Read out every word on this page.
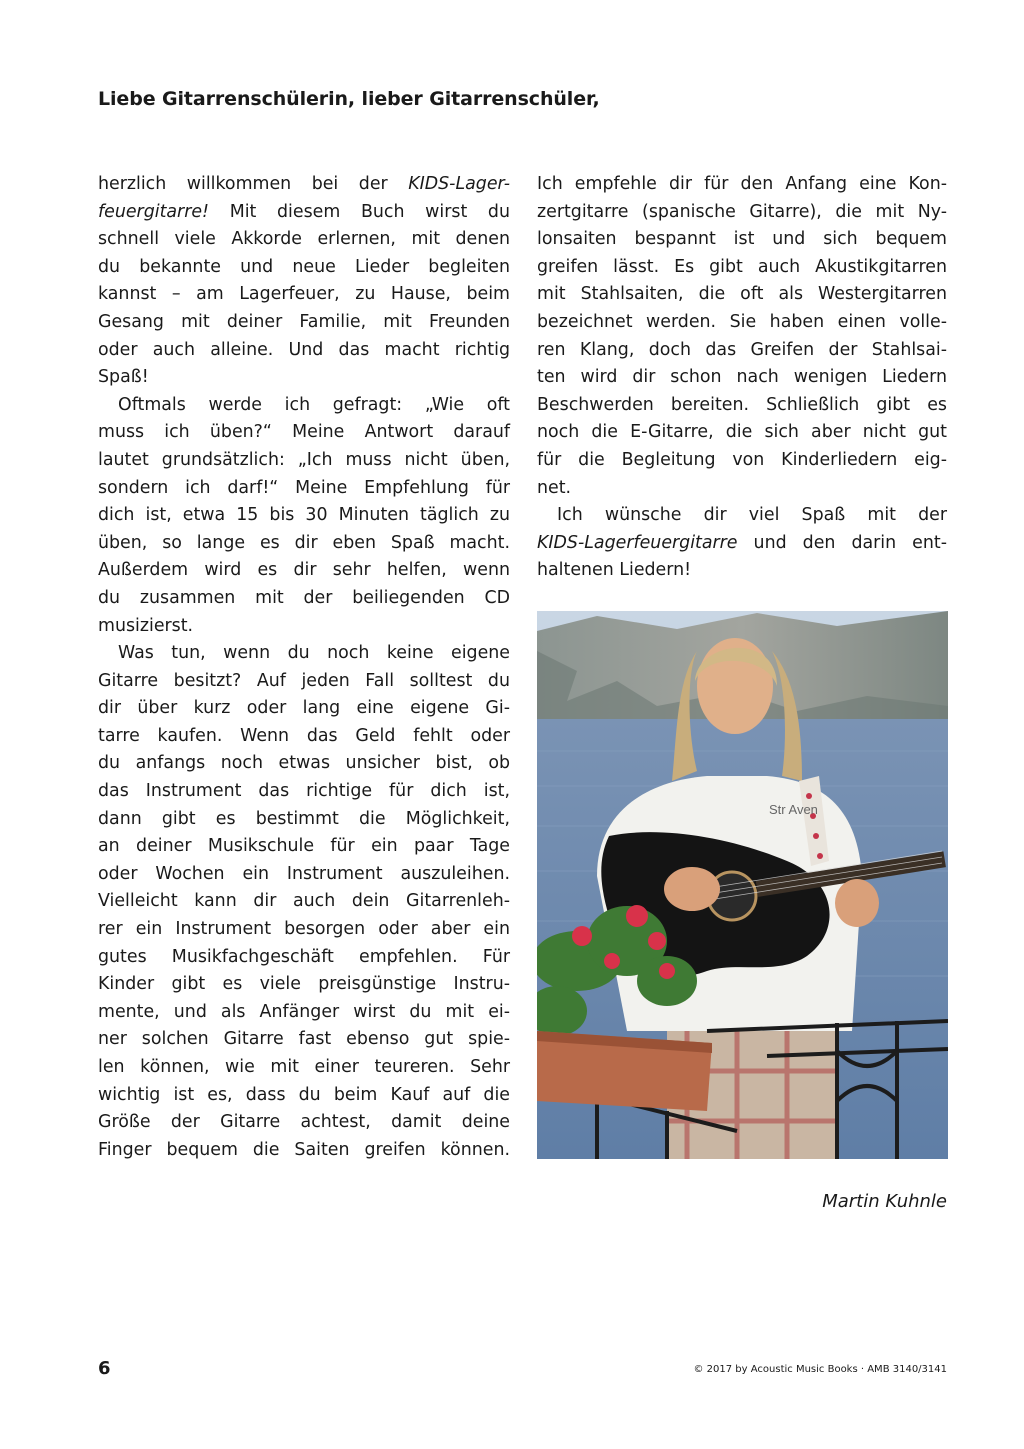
Liebe Gitarrenschülerin, lieber Gitarrenschüler,
herzlich willkommen bei der KIDS-Lager-
feuergitarre! Mit diesem Buch wirst du
schnell viele Akkorde erlernen, mit denen
du bekannte und neue Lieder begleiten
kannst – am Lagerfeuer, zu Hause, beim
Gesang mit deiner Familie, mit Freunden
oder auch alleine. Und das macht richtig
Spaß!
Oftmals werde ich gefragt: „Wie oft
muss ich üben?“ Meine Antwort darauf
lautet grundsätzlich: „Ich muss nicht üben,
sondern ich darf!“ Meine Empfehlung für
dich ist, etwa 15 bis 30 Minuten täglich zu
üben, so lange es dir eben Spaß macht.
Außerdem wird es dir sehr helfen, wenn
du zusammen mit der beiliegenden CD
musizierst.
Was tun, wenn du noch keine eigene
Gitarre besitzt? Auf jeden Fall solltest du
dir über kurz oder lang eine eigene Gi-
tarre kaufen. Wenn das Geld fehlt oder
du anfangs noch etwas unsicher bist, ob
das Instrument das richtige für dich ist,
dann gibt es bestimmt die Möglichkeit,
an deiner Musikschule für ein paar Tage
oder Wochen ein Instrument auszuleihen.
Vielleicht kann dir auch dein Gitarrenleh-
rer ein Instrument besorgen oder aber ein
gutes Musikfachgeschäft empfehlen. Für
Kinder gibt es viele preisgünstige Instru-
mente, und als Anfänger wirst du mit ei-
ner solchen Gitarre fast ebenso gut spie-
len können, wie mit einer teureren. Sehr
wichtig ist es, dass du beim Kauf auf die
Größe der Gitarre achtest, damit deine
Finger bequem die Saiten greifen können.
Ich empfehle dir für den Anfang eine Kon-
zertgitarre (spanische Gitarre), die mit Ny-
lonsaiten bespannt ist und sich bequem
greifen lässt. Es gibt auch Akustikgitarren
mit Stahlsaiten, die oft als Westergitarren
bezeichnet werden. Sie haben einen volle-
ren Klang, doch das Greifen der Stahlsai-
ten wird dir schon nach wenigen Liedern
Beschwerden bereiten. Schließlich gibt es
noch die E-Gitarre, die sich aber nicht gut
für die Begleitung von Kinderliedern eig-
net.
Ich wünsche dir viel Spaß mit der
KIDS-Lagerfeuergitarre und den darin ent-
haltenen Liedern!
Str Aven
Martin Kuhnle
6	© 2017 by Acoustic Music Books · AMB 3140/3141
